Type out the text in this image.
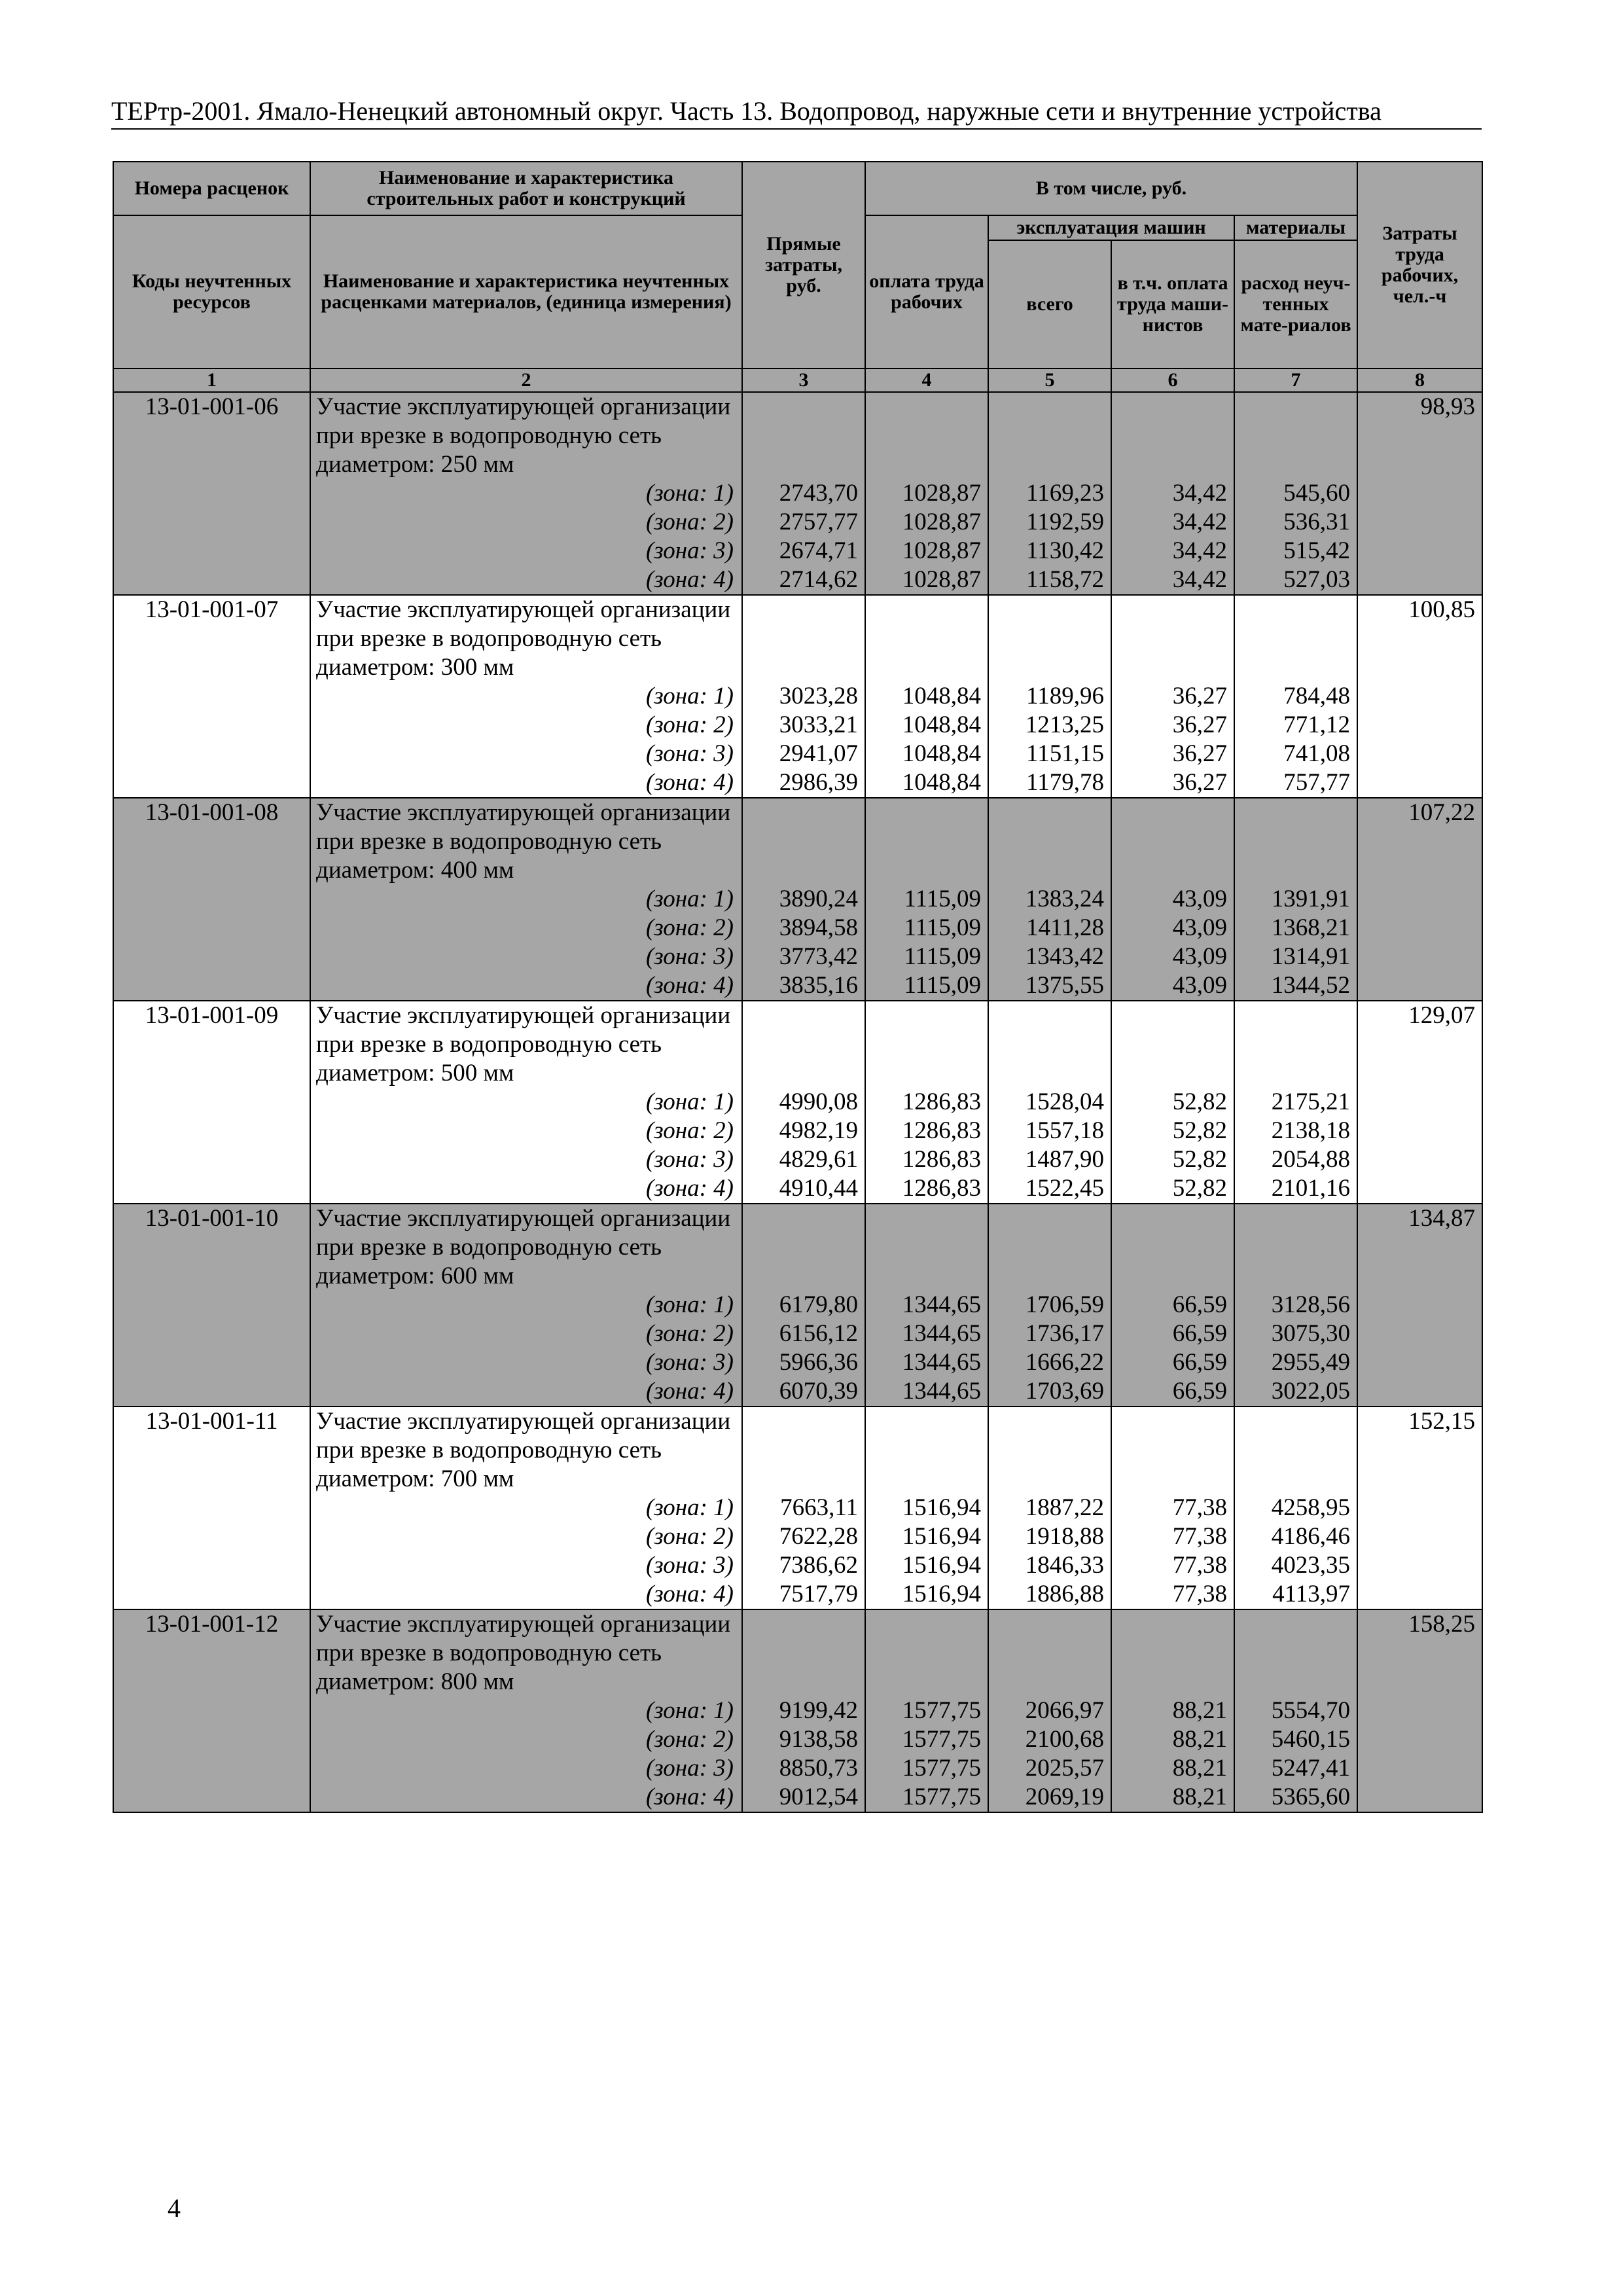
ТЕРтр-2001. Ямало-Ненецкий автономный округ. Часть 13. Водопровод, наружные сети и внутренние устройства
Номера расценок	Наименование и характеристика строительных работ и конструкций	Прямые затраты, руб.	В том числе, руб.				Затраты труда рабочих, чел.-ч

Коды неучтенных ресурсов	Наименование и характеристика неучтенных расценками материалов, (единица измерения)		оплата труда рабочих	эксплуатация машин		материалы	
				всего	в т.ч. оплата труда маши-нистов	расход неуч-тенных мате-риалов	
1	2	3	4	5	6	7	8
13-01-001-06	Участие эксплуатирующей организации при врезке в водопроводную сеть диаметром: 250 мм						98,93

	(зона: 1)	2743,70	1028,87	1169,23	34,42	545,60	
	(зона: 2)	2757,77	1028,87	1192,59	34,42	536,31	
	(зона: 3)	2674,71	1028,87	1130,42	34,42	515,42	
	(зона: 4)	2714,62	1028,87	1158,72	34,42	527,03	
13-01-001-07	Участие эксплуатирующей организации при врезке в водопроводную сеть диаметром: 300 мм						100,85

	(зона: 1)	3023,28	1048,84	1189,96	36,27	784,48	
	(зона: 2)	3033,21	1048,84	1213,25	36,27	771,12	
	(зона: 3)	2941,07	1048,84	1151,15	36,27	741,08	
	(зона: 4)	2986,39	1048,84	1179,78	36,27	757,77	
13-01-001-08	Участие эксплуатирующей организации при врезке в водопроводную сеть диаметром: 400 мм						107,22

	(зона: 1)	3890,24	1115,09	1383,24	43,09	1391,91	
	(зона: 2)	3894,58	1115,09	1411,28	43,09	1368,21	
	(зона: 3)	3773,42	1115,09	1343,42	43,09	1314,91	
	(зона: 4)	3835,16	1115,09	1375,55	43,09	1344,52	
13-01-001-09	Участие эксплуатирующей организации при врезке в водопроводную сеть диаметром: 500 мм						129,07

	(зона: 1)	4990,08	1286,83	1528,04	52,82	2175,21	
	(зона: 2)	4982,19	1286,83	1557,18	52,82	2138,18	
	(зона: 3)	4829,61	1286,83	1487,90	52,82	2054,88	
	(зона: 4)	4910,44	1286,83	1522,45	52,82	2101,16	
13-01-001-10	Участие эксплуатирующей организации при врезке в водопроводную сеть диаметром: 600 мм						134,87

	(зона: 1)	6179,80	1344,65	1706,59	66,59	3128,56	
	(зона: 2)	6156,12	1344,65	1736,17	66,59	3075,30	
	(зона: 3)	5966,36	1344,65	1666,22	66,59	2955,49	
	(зона: 4)	6070,39	1344,65	1703,69	66,59	3022,05	
13-01-001-11	Участие эксплуатирующей организации при врезке в водопроводную сеть диаметром: 700 мм						152,15

	(зона: 1)	7663,11	1516,94	1887,22	77,38	4258,95	
	(зона: 2)	7622,28	1516,94	1918,88	77,38	4186,46	
	(зона: 3)	7386,62	1516,94	1846,33	77,38	4023,35	
	(зона: 4)	7517,79	1516,94	1886,88	77,38	4113,97	
13-01-001-12	Участие эксплуатирующей организации при врезке в водопроводную сеть диаметром: 800 мм						158,25

	(зона: 1)	9199,42	1577,75	2066,97	88,21	5554,70	
	(зона: 2)	9138,58	1577,75	2100,68	88,21	5460,15	
	(зона: 3)	8850,73	1577,75	2025,57	88,21	5247,41	
	(зона: 4)	9012,54	1577,75	2069,19	88,21	5365,60	
4
